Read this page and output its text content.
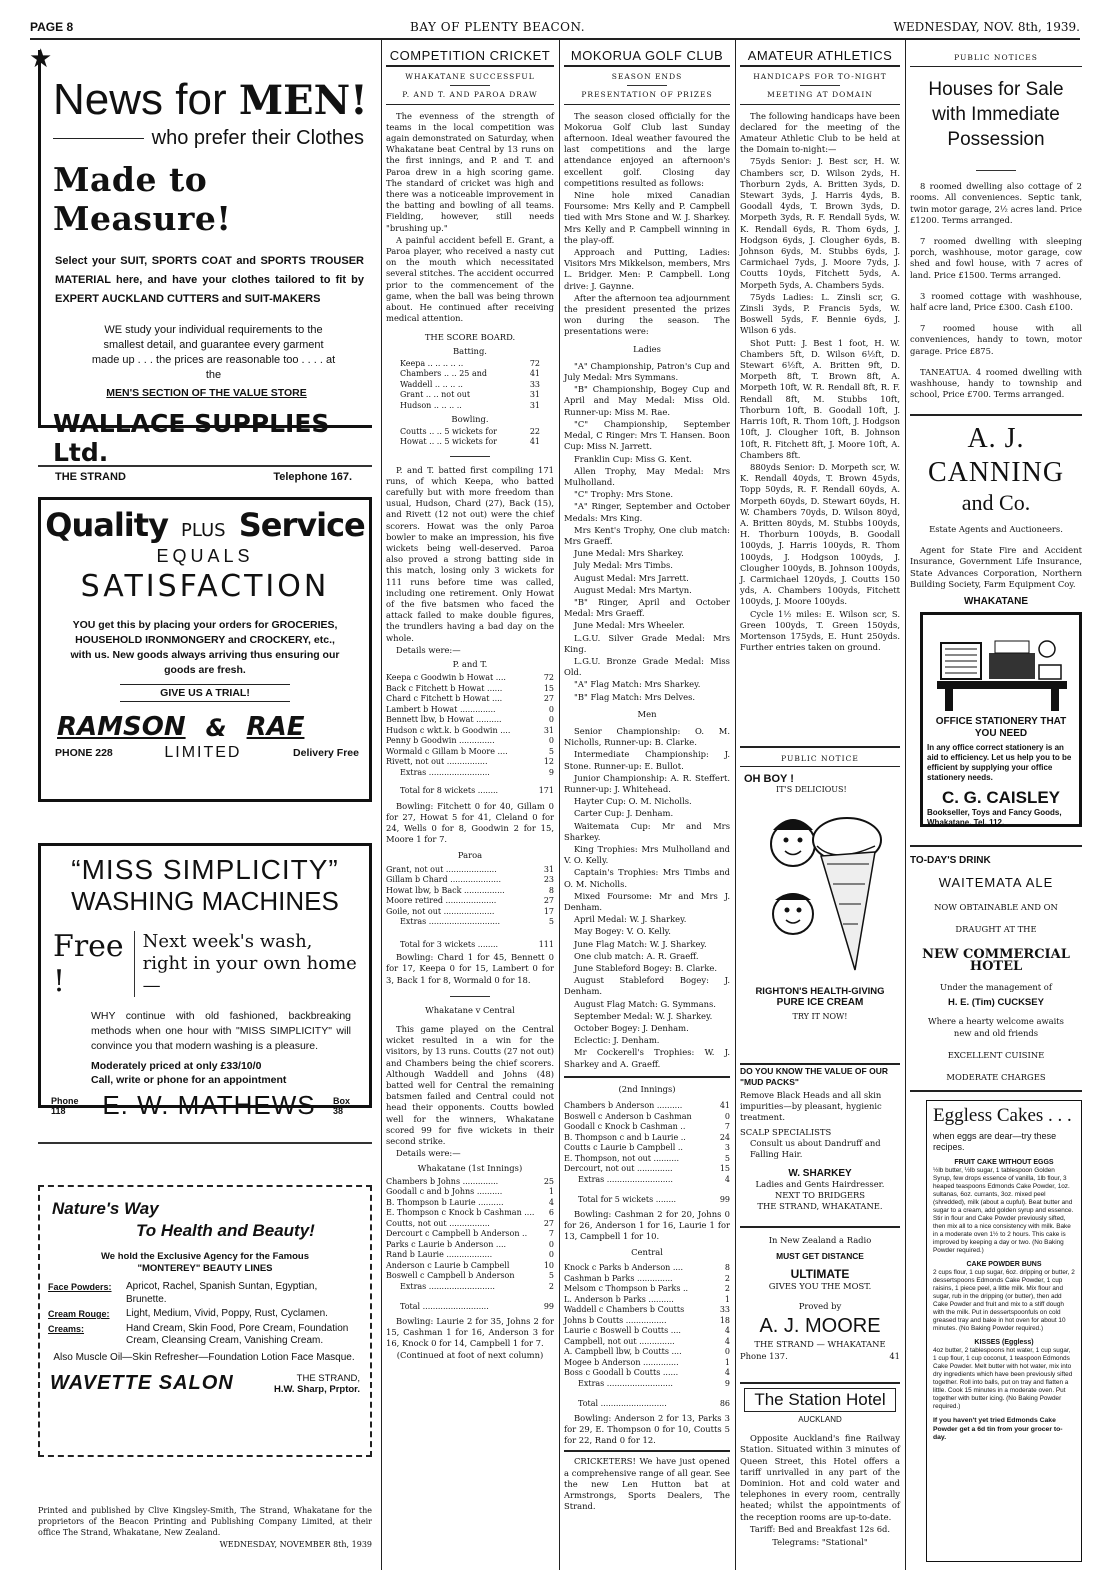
PAGE 8	BAY OF PLENTY BEACON.	WEDNESDAY, NOV. 8th, 1939.
★
News for MEN!
who prefer their Clothes
Made to Measure!
Select your SUIT, SPORTS COAT and SPORTS TROUSER MATERIAL here, and have your clothes tailored to fit by EXPERT AUCKLAND CUTTERS and SUIT-MAKERS
WE study your individual requirements to the smallest detail, and guarantee every garment made up . . . the prices are reasonable too . . . . at the
MEN'S SECTION OF THE VALUE STORE
WALLACE SUPPLIES Ltd.
THE STRAND	Telephone 167.
Quality PLUS Service
EQUALS
SATISFACTION
YOU get this by placing your orders for GROCERIES, HOUSEHOLD IRONMONGERY and CROCKERY, etc., with us. New goods always arriving thus ensuring our goods are fresh.
GIVE US A TRIAL!
RAMSON & RAE
PHONE 228	LIMITED	Delivery Free
“MISS SIMPLICITY”
WASHING MACHINES
Free !
Next week's wash, right in your own home —
WHY continue with old fashioned, backbreaking methods when one hour with "MISS SIMPLICITY" will convince you that modern washing is a pleasure.
Moderately priced at only £33/10/0
Call, write or phone for an appointment
Phone 118	E. W. MATHEWS Box 38
Nature's Way
To Health and Beauty!
We hold the Exclusive Agency for the Famous "MONTEREY" BEAUTY LINES
Face Powders:	Apricot, Rachel, Spanish Suntan, Egyptian, Brunette.
Cream Rouge:	Light, Medium, Vivid, Poppy, Rust, Cyclamen.
Creams:	Hand Cream, Skin Food, Pore Cream, Foundation Cream, Cleansing Cream, Vanishing Cream.
Also Muscle Oil—Skin Refresher—Foundation Lotion Face Masque.
WAVETTE SALON	THE STRAND,
H.W. Sharp, Prptor.
Printed and published by Clive Kingsley-Smith, The Strand, Whakatane for the proprietors of the Beacon Printing and Publishing Company Limited, at their office The Strand, Whakatane, New Zealand.
WEDNESDAY, NOVEMBER 8th, 1939
COMPETITION CRICKET
WHAKATANE SUCCESSFUL
P. AND T. AND PAROA DRAW

The evenness of the strength of teams in the local competition was again demonstrated on Saturday, when Whakatane beat Central by 13 runs on the first innings, and P. and T. and Paroa drew in a high scoring game. The standard of cricket was high and there was a noticeable improvement in the batting and bowling of all teams. Fielding, however, still needs "brushing up."

A painful accident befell E. Grant, a Paroa player, who received a nasty cut on the mouth which necessitated several stitches. The accident occurred prior to the commencement of the game, when the ball was being thrown about. He continued after receiving medical attention.

THE SCORE BOARD.
Batting.
Keepa .. .. .. .. ..	72
Chambers .. .. 25 and	41
Waddell .. .. .. ..	33
Grant .. .. not out	31
Hudson .. .. .. ..	31
Bowling.
Coutts .. .. 5 wickets for	22
Howat .. .. 5 wickets for	41

P. and T. batted first compiling 171 runs, of which Keepa, who batted carefully but with more freedom than usual, Hudson, Chard (27), Back (15), and Rivett (12 not out) were the chief scorers. Howat was the only Paroa bowler to make an impression, his five wickets being well-deserved. Paroa also proved a strong batting side in this match, losing only 3 wickets for 111 runs before time was called, including one retirement. Only Howat of the five batsmen who faced the attack failed to make double figures, the trundlers having a bad day on the whole.

Details were:—

P. and T.
Keepa c Goodwin b Howat ....	72
Back c Fitchett b Howat ......	15
Chard c Fitchett b Howat ....	27
Lambert b Howat ..............	0
Bennett lbw, b Howat ..........	0
Hudson c wkt.k. b Goodwin ....	31
Penny b Goodwin ..............	0
Wormald c Gillam b Moore ....	5
Rivett, not out ................	12
Extras ........................	9
Total for 8 wickets ........	171

Bowling: Fitchett 0 for 40, Gillam 0 for 27, Howat 5 for 41, Cleland 0 for 24, Wells 0 for 8, Goodwin 2 for 15, Moore 1 for 7.

Paroa
Grant, not out ....................	31
Gillam b Chard ....................	23
Howat lbw, b Back ................	8
Moore retired ....................	27
Goile, not out ....................	17
Extras ............................	5
Total for 3 wickets ........	111

Bowling: Chard 1 for 45, Bennett 0 for 17, Keepa 0 for 15, Lambert 0 for 3, Back 1 for 8, Wormald 0 for 18.

Whakatane v Central

This game played on the Central wicket resulted in a win for the visitors, by 13 runs. Coutts (27 not out) and Chambers being the chief scorers. Although Waddell and Johns (48) batted well for Central the remaining batsmen failed and Central could not head their opponents. Coutts bowled well for the winners, Whakatane scored 99 for five wickets in their second strike.

Details were:—

Whakatane (1st Innings)
Chambers b Johns ..............	25
Goodall c and b Johns ..........	1
B. Thompson b Laurie ..........	4
E. Thompson c Knock b Cashman ....	6
Coutts, not out ................	27
Dercourt c Campbell b Anderson ..	7
Parks c Laurie b Anderson ....	0
Rand b Laurie ..................	0
Anderson c Laurie b Campbell	10
Boswell c Campbell b Anderson	5
Extras ..........................	2
Total ..........................	99

Bowling: Laurie 2 for 35, Johns 2 for 15, Cashman 1 for 16, Anderson 3 for 16, Knock 0 for 14, Campbell 1 for 7.

(Continued at foot of next column)

MOKORUA GOLF CLUB
SEASON ENDS
PRESENTATION OF PRIZES

The season closed officially for the Mokorua Golf Club last Sunday afternoon. Ideal weather favoured the last competitions and the large attendance enjoyed an afternoon's excellent golf. Closing day competitions resulted as follows:

Nine hole mixed Canadian Foursome: Mrs Kelly and P. Campbell tied with Mrs Stone and W. J. Sharkey. Mrs Kelly and P. Campbell winning in the play-off.

Approach and Putting, Ladies: Visitors Mrs Mikkelson, members, Mrs L. Bridger. Men: P. Campbell. Long drive: J. Gaynne.

After the afternoon tea adjournment the president presented the prizes won during the season. The presentations were:

Ladies

"A" Championship, Patron's Cup and July Medal: Mrs Symmans.

"B" Championship, Bogey Cup and April and May Medal: Miss Old. Runner-up: Miss M. Rae.

"C" Championship, September Medal, C Ringer: Mrs T. Hansen. Boon Cup: Miss N. Jarrett.

Franklin Cup: Miss G. Kent.

Allen Trophy, May Medal: Mrs Mulholland.

"C" Trophy: Mrs Stone.

"A" Ringer, September and October Medals: Mrs King.

Mrs Kent's Trophy, One club match: Mrs Graeff.

June Medal: Mrs Sharkey.

July Medal: Mrs Timbs.

August Medal: Mrs Jarrett.

August Medal: Mrs Martyn.

"B" Ringer, April and October Medal: Mrs Graeff.

June Medal: Mrs Wheeler.

L.G.U. Silver Grade Medal: Mrs King.

L.G.U. Bronze Grade Medal: Miss Old.

"A" Flag Match: Mrs Sharkey.

"B" Flag Match: Mrs Delves.

Men

Senior Championship: O. M. Nicholls, Runner-up: B. Clarke.

Intermediate Championship: J. Stone. Runner-up: E. Bullot.

Junior Championship: A. R. Steffert. Runner-up: J. Whitehead.

Hayter Cup: O. M. Nicholls.

Carter Cup: J. Denham.

Waitemata Cup: Mr and Mrs Sharkey.

King Trophies: Mrs Mulholland and V. O. Kelly.

Captain's Trophies: Mrs Timbs and O. M. Nicholls.

Mixed Foursome: Mr and Mrs J. Denham.

April Medal: W. J. Sharkey.

May Bogey: V. O. Kelly.

June Flag Match: W. J. Sharkey.

One club match: A. R. Graeff.

June Stableford Bogey: B. Clarke.

August Stableford Bogey: J. Denham.

August Flag Match: G. Symmans.

September Medal: W. J. Sharkey.

October Bogey: J. Denham.

Eclectic: J. Denham.

Mr Cockerell's Trophies: W. J. Sharkey and A. Graeff.

(2nd Innings)
Chambers b Anderson ..........	41
Boswell c Anderson b Cashman	0
Goodall c Knock b Cashman ..	7
B. Thompson c and b Laurie ..	24
Coutts c Laurie b Campbell ..	3
E. Thompson, not out ..........	5
Dercourt, not out ..............	15
Extras ..........................	4
Total for 5 wickets ........	99

Bowling: Cashman 2 for 20, Johns 0 for 26, Anderson 1 for 16, Laurie 1 for 13, Campbell 1 for 10.

Central
Knock c Parks b Anderson ....	8
Cashman b Parks ..............	2
Melsom c Thompson b Parks ..	2
L. Anderson b Parks ..........	1
Waddell c Chambers b Coutts	33
Johns b Coutts ................	18
Laurie c Boswell b Coutts ....	4
Campbell, not out ..............	4
A. Campbell lbw, b Coutts ....	0
Mogee b Anderson ..............	1
Boss c Goodall b Coutts ......	4
Extras ..........................	9
Total ..........................	86

Bowling: Anderson 2 for 13, Parks 3 for 29, E. Thompson 0 for 10, Coutts 5 for 22, Rand 0 for 12.

CRICKETERS! We have just opened a comprehensive range of all gear. See the new Len Hutton bat at Armstrongs, Sports Dealers, The Strand.

AMATEUR ATHLETICS
HANDICAPS FOR TO-NIGHT
MEETING AT DOMAIN

The following handicaps have been declared for the meeting of the Amateur Athletic Club to be held at the Domain to-night:—

75yds Senior: J. Best scr, H. W. Chambers scr, D. Wilson 2yds, H. Thorburn 2yds, A. Britten 3yds, D. Stewart 3yds, J. Harris 4yds, B. Goodall 4yds, T. Brown 3yds, D. Morpeth 3yds, R. F. Rendall 5yds, W. K. Rendall 6yds, R. Thom 6yds, J. Hodgson 6yds, J. Clougher 6yds, B. Johnson 6yds, M. Stubbs 6yds, J. Carmichael 7yds, J. Moore 7yds, J. Coutts 10yds, Fitchett 5yds, A. Morpeth 5yds, A. Chambers 5yds.

75yds Ladies: L. Zinsli scr, G. Zinsli 3yds, P. Francis 5yds, W. Boswell 5yds, F. Bennie 6yds, J. Wilson 6 yds.

Shot Putt: J. Best 1 foot, H. W. Chambers 5ft, D. Wilson 6½ft, D. Stewart 6½ft, A. Britten 9ft, D. Morpeth 8ft, T. Brown 8ft, A. Morpeth 10ft, W. R. Rendall 8ft, R. F. Rendall 8ft, M. Stubbs 10ft, Thorburn 10ft, B. Goodall 10ft, J. Harris 10ft, R. Thom 10ft, J. Hodgson 10ft, J. Clougher 10ft, B. Johnson 10ft, R. Fitchett 8ft, J. Moore 10ft, A. Chambers 8ft.

880yds Senior: D. Morpeth scr, W. K. Rendall 40yds, T. Brown 45yds, Topp 50yds, R. F. Rendall 60yds, A. Morpeth 60yds, D. Stewart 60yds, H. W. Chambers 70yds, D. Wilson 80yd, A. Britten 80yds, M. Stubbs 100yds, H. Thorburn 100yds, B. Goodall 100yds, J. Harris 100yds, R. Thom 100yds, J. Hodgson 100yds, J. Clougher 100yds, B. Johnson 100yds, J. Carmichael 120yds, J. Coutts 150 yds, A. Chambers 100yds, Fitchett 100yds, J. Moore 100yds.

Cycle 1½ miles: E. Wilson scr, S. Green 100yds, T. Green 150yds, Mortenson 175yds, E. Hunt 250yds. Further entries taken on ground.

PUBLIC NOTICE
OH BOY !
IT'S DELICIOUS!
RIGHTON'S HEALTH-GIVING
PURE ICE CREAM
TRY IT NOW!
DO YOU KNOW THE VALUE OF OUR "MUD PACKS"
Remove Black Heads and all skin impurities—by pleasant, hygienic treatment.
SCALP SPECIALISTS
Consult us about Dandruff and Falling Hair.
W. SHARKEY
Ladies and Gents Hairdresser.
NEXT TO BRIDGERS
THE STRAND, WHAKATANE.
In New Zealand a Radio
MUST GET DISTANCE
ULTIMATE
GIVES YOU THE MOST.
Proved by
A. J. MOORE
THE STRAND — WHAKATANE
Phone 137.	41
The Station Hotel
AUCKLAND

Opposite Auckland's fine Railway Station. Situated within 3 minutes of Queen Street, this Hotel offers a tariff unrivalled in any part of the Dominion. Hot and cold water and telephones in every room, centrally heated; whilst the appointments of the reception rooms are up-to-date.

Tariff: Bed and Breakfast 12s 6d.
Telegrams: "Stational"
PUBLIC NOTICES
Houses for Sale with Immediate Possession

8 roomed dwelling also cottage of 2 rooms. All conveniences. Septic tank, twin motor garage, 2½ acres land. Price £1200. Terms arranged.

7 roomed dwelling with sleeping porch, washhouse, motor garage, cow shed and fowl house, with 7 acres of land. Price £1500. Terms arranged.

3 roomed cottage with washhouse, half acre land, Price £300. Cash £100.

7 roomed house with all conveniences, handy to town, motor garage. Price £875.

TANEATUA. 4 roomed dwelling with washhouse, handy to township and school, Price £700. Terms arranged.

A. J. CANNING
and Co.
Estate Agents and Auctioneers.

Agent for State Fire and Accident Insurance, Government Life Insurance, State Advances Corporation, Northern Building Society, Farm Equipment Coy.

WHAKATANE
OFFICE STATIONERY THAT YOU NEED
In any office correct stationery is an aid to efficiency. Let us help you to be efficient by supplying your office stationery needs.
C. G. CAISLEY
Bookseller, Toys and Fancy Goods, Whakatane. Tel. 112.
TO-DAY'S DRINK
WAITEMATA ALE
NOW OBTAINABLE AND ON
DRAUGHT AT THE
NEW COMMERCIAL HOTEL
Under the management of
H. E. (Tim) CUCKSEY
Where a hearty welcome awaits new and old friends
EXCELLENT CUISINE
MODERATE CHARGES
Eggless Cakes . . .
when eggs are dear—try these recipes.
FRUIT CAKE WITHOUT EGGS
½lb butter, ½lb sugar, 1 tablespoon Golden Syrup, few drops essence of vanilla, 1lb flour, 3 heaped teaspoons Edmonds Cake Powder, 1oz. sultanas, 6oz. currants, 3oz. mixed peel (shredded), milk (about a cupful). Beat butter and sugar to a cream, add golden syrup and essence. Stir in flour and Cake Powder previously sifted, then mix all to a nice consistency with milk. Bake in a moderate oven 1½ to 2 hours. This cake is improved by keeping a day or two. (No Baking Powder required.)
CAKE POWDER BUNS
2 cups flour, 1 cup sugar, 6oz. dripping or butter, 2 dessertspoons Edmonds Cake Powder, 1 cup raisins, 1 piece peel, a little milk. Mix flour and sugar, rub in the dripping (or butter), then add Cake Powder and fruit and mix to a stiff dough with the milk. Put in dessertspoonfuls on cold greased tray and bake in hot oven for about 10 minutes. (No Baking Powder required.)
KISSES (Eggless)
4oz butter, 2 tablespoons hot water, 1 cup sugar, 1 cup flour, 1 cup coconut, 1 teaspoon Edmonds Cake Powder. Melt butter with hot water, mix into dry ingredients which have been previously sifted together. Roll into balls, put on tray and flatten a little. Cook 15 minutes in a moderate oven. Put together with butter icing. (No Baking Powder required.)
If you haven't yet tried Edmonds Cake Powder get a 6d tin from your grocer to-day.
